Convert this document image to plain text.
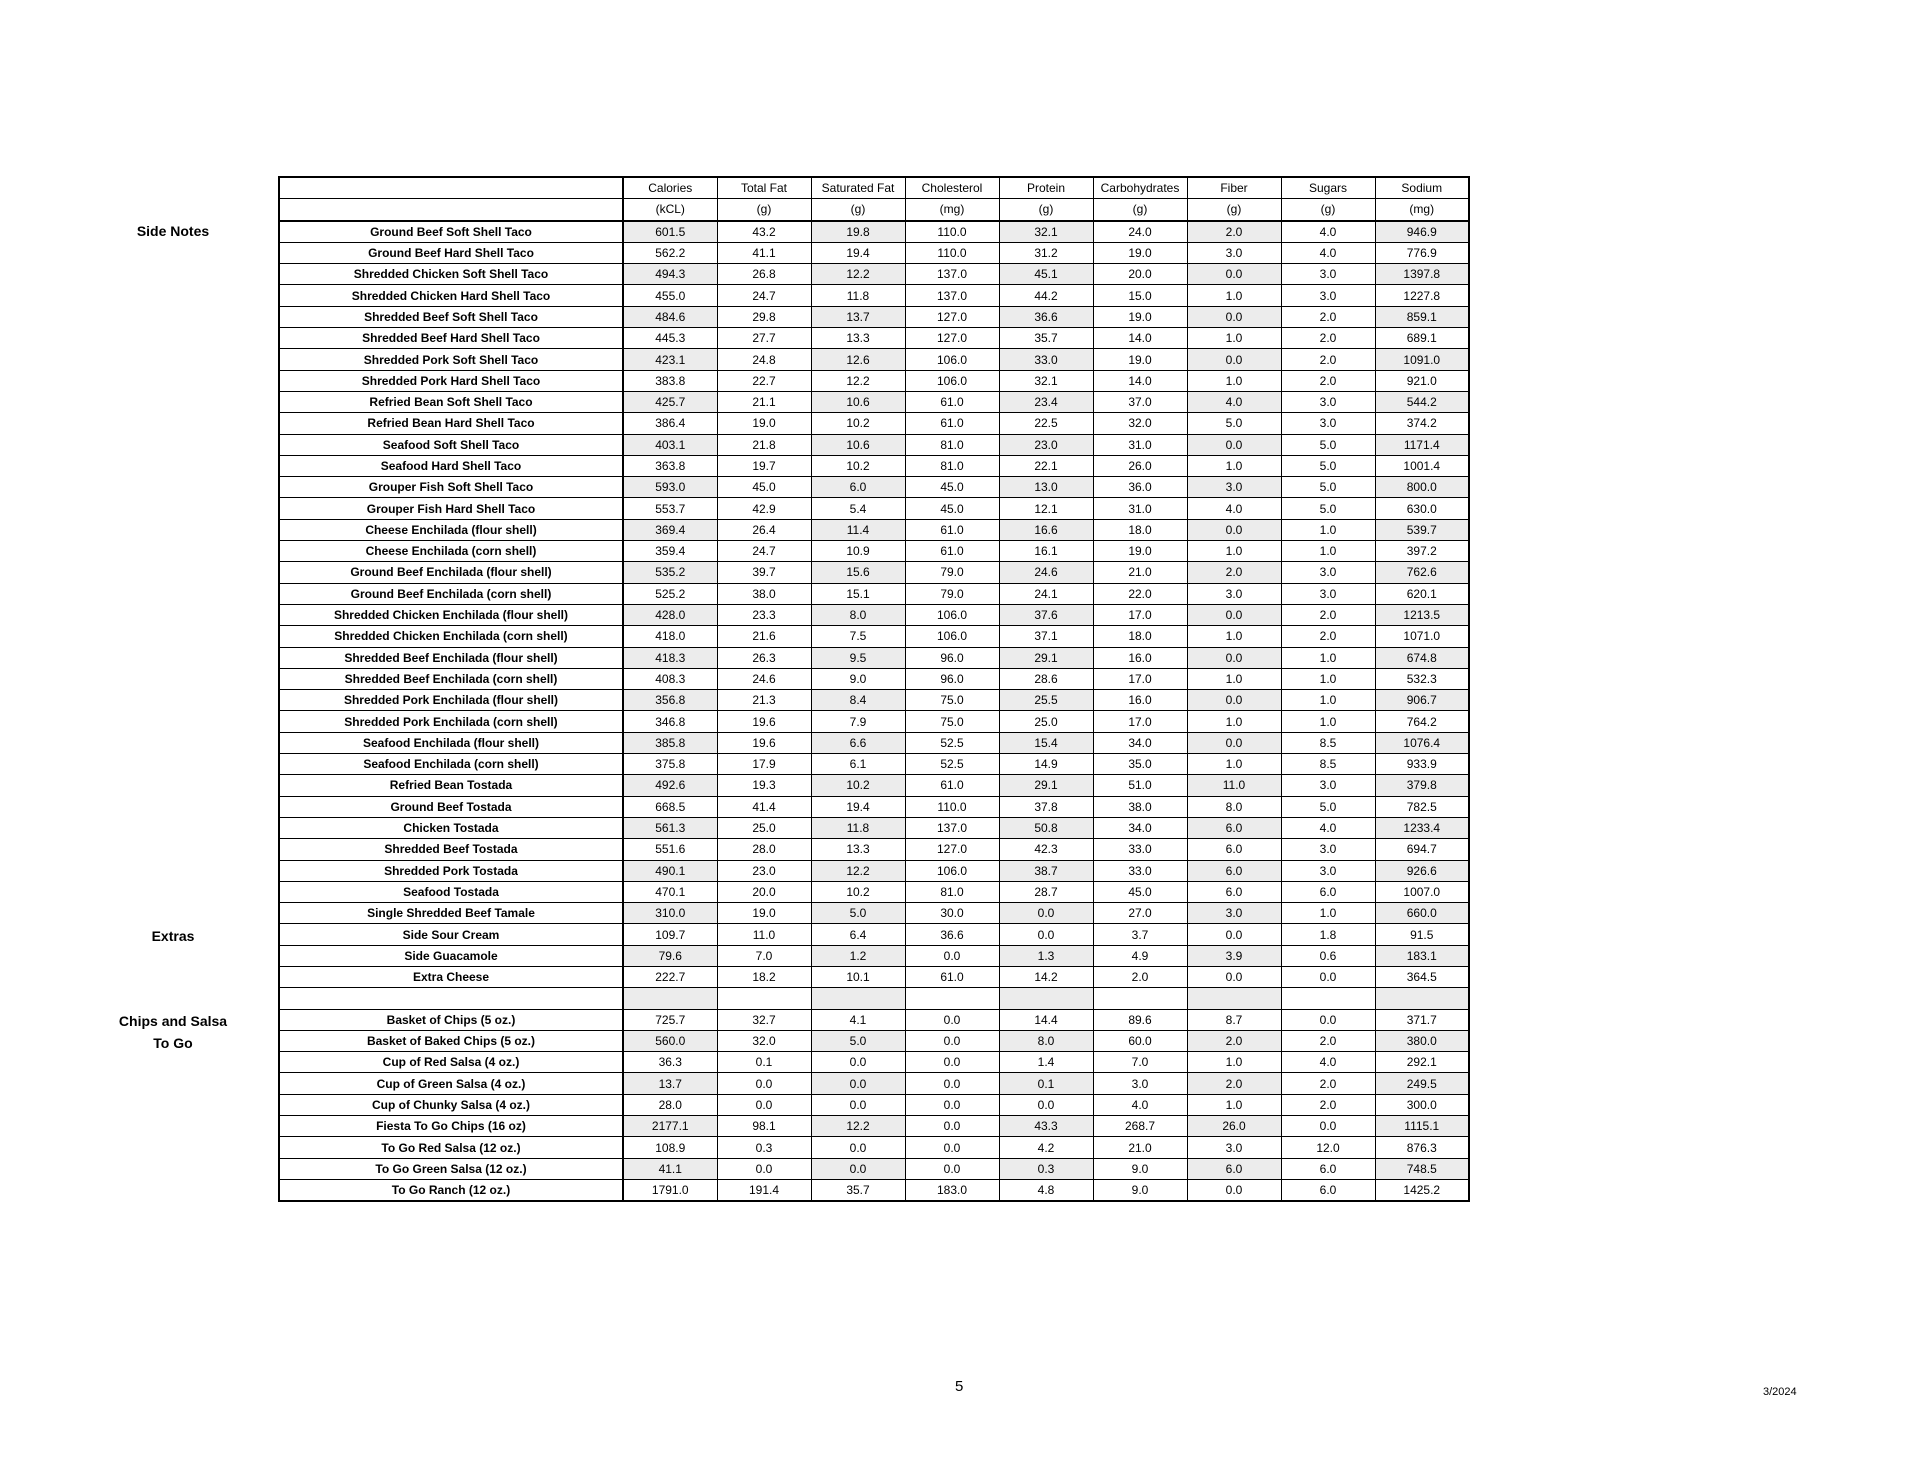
Side Notes
Extras
Chips and Salsa
To Go
	Calories	Total Fat	Saturated Fat	Cholesterol	Protein	Carbohydrates	Fiber	Sugars	Sodium
	(kCL)	(g)	(g)	(mg)	(g)	(g)	(g)	(g)	(mg)
Ground Beef Soft Shell Taco	601.5	43.2	19.8	110.0	32.1	24.0	2.0	4.0	946.9
Ground Beef Hard Shell Taco	562.2	41.1	19.4	110.0	31.2	19.0	3.0	4.0	776.9
Shredded Chicken Soft Shell Taco	494.3	26.8	12.2	137.0	45.1	20.0	0.0	3.0	1397.8
Shredded Chicken Hard Shell Taco	455.0	24.7	11.8	137.0	44.2	15.0	1.0	3.0	1227.8
Shredded Beef Soft Shell Taco	484.6	29.8	13.7	127.0	36.6	19.0	0.0	2.0	859.1
Shredded Beef Hard Shell Taco	445.3	27.7	13.3	127.0	35.7	14.0	1.0	2.0	689.1
Shredded Pork Soft Shell Taco	423.1	24.8	12.6	106.0	33.0	19.0	0.0	2.0	1091.0
Shredded Pork Hard Shell Taco	383.8	22.7	12.2	106.0	32.1	14.0	1.0	2.0	921.0
Refried Bean Soft Shell Taco	425.7	21.1	10.6	61.0	23.4	37.0	4.0	3.0	544.2
Refried Bean Hard Shell Taco	386.4	19.0	10.2	61.0	22.5	32.0	5.0	3.0	374.2
Seafood Soft Shell Taco	403.1	21.8	10.6	81.0	23.0	31.0	0.0	5.0	1171.4
Seafood Hard Shell Taco	363.8	19.7	10.2	81.0	22.1	26.0	1.0	5.0	1001.4
Grouper Fish Soft Shell Taco	593.0	45.0	6.0	45.0	13.0	36.0	3.0	5.0	800.0
Grouper Fish Hard Shell Taco	553.7	42.9	5.4	45.0	12.1	31.0	4.0	5.0	630.0
Cheese Enchilada (flour shell)	369.4	26.4	11.4	61.0	16.6	18.0	0.0	1.0	539.7
Cheese Enchilada (corn shell)	359.4	24.7	10.9	61.0	16.1	19.0	1.0	1.0	397.2
Ground Beef Enchilada (flour shell)	535.2	39.7	15.6	79.0	24.6	21.0	2.0	3.0	762.6
Ground Beef Enchilada (corn shell)	525.2	38.0	15.1	79.0	24.1	22.0	3.0	3.0	620.1
Shredded Chicken Enchilada (flour shell)	428.0	23.3	8.0	106.0	37.6	17.0	0.0	2.0	1213.5
Shredded Chicken Enchilada (corn shell)	418.0	21.6	7.5	106.0	37.1	18.0	1.0	2.0	1071.0
Shredded Beef Enchilada (flour shell)	418.3	26.3	9.5	96.0	29.1	16.0	0.0	1.0	674.8
Shredded Beef Enchilada (corn shell)	408.3	24.6	9.0	96.0	28.6	17.0	1.0	1.0	532.3
Shredded Pork Enchilada (flour shell)	356.8	21.3	8.4	75.0	25.5	16.0	0.0	1.0	906.7
Shredded Pork Enchilada (corn shell)	346.8	19.6	7.9	75.0	25.0	17.0	1.0	1.0	764.2
Seafood Enchilada (flour shell)	385.8	19.6	6.6	52.5	15.4	34.0	0.0	8.5	1076.4
Seafood Enchilada (corn shell)	375.8	17.9	6.1	52.5	14.9	35.0	1.0	8.5	933.9
Refried Bean Tostada	492.6	19.3	10.2	61.0	29.1	51.0	11.0	3.0	379.8
Ground Beef Tostada	668.5	41.4	19.4	110.0	37.8	38.0	8.0	5.0	782.5
Chicken Tostada	561.3	25.0	11.8	137.0	50.8	34.0	6.0	4.0	1233.4
Shredded Beef Tostada	551.6	28.0	13.3	127.0	42.3	33.0	6.0	3.0	694.7
Shredded Pork Tostada	490.1	23.0	12.2	106.0	38.7	33.0	6.0	3.0	926.6
Seafood Tostada	470.1	20.0	10.2	81.0	28.7	45.0	6.0	6.0	1007.0
Single Shredded Beef Tamale	310.0	19.0	5.0	30.0	0.0	27.0	3.0	1.0	660.0
Side Sour Cream	109.7	11.0	6.4	36.6	0.0	3.7	0.0	1.8	91.5
Side Guacamole	79.6	7.0	1.2	0.0	1.3	4.9	3.9	0.6	183.1
Extra Cheese	222.7	18.2	10.1	61.0	14.2	2.0	0.0	0.0	364.5

Basket of Chips (5 oz.)	725.7	32.7	4.1	0.0	14.4	89.6	8.7	0.0	371.7
Basket of Baked Chips (5 oz.)	560.0	32.0	5.0	0.0	8.0	60.0	2.0	2.0	380.0
Cup of Red Salsa (4 oz.)	36.3	0.1	0.0	0.0	1.4	7.0	1.0	4.0	292.1
Cup of Green Salsa (4 oz.)	13.7	0.0	0.0	0.0	0.1	3.0	2.0	2.0	249.5
Cup of Chunky Salsa (4 oz.)	28.0	0.0	0.0	0.0	0.0	4.0	1.0	2.0	300.0
Fiesta To Go Chips (16 oz)	2177.1	98.1	12.2	0.0	43.3	268.7	26.0	0.0	1115.1
To Go Red Salsa (12 oz.)	108.9	0.3	0.0	0.0	4.2	21.0	3.0	12.0	876.3
To Go Green Salsa (12 oz.)	41.1	0.0	0.0	0.0	0.3	9.0	6.0	6.0	748.5
To Go Ranch (12 oz.)	1791.0	191.4	35.7	183.0	4.8	9.0	0.0	6.0	1425.2
5	3/2024
